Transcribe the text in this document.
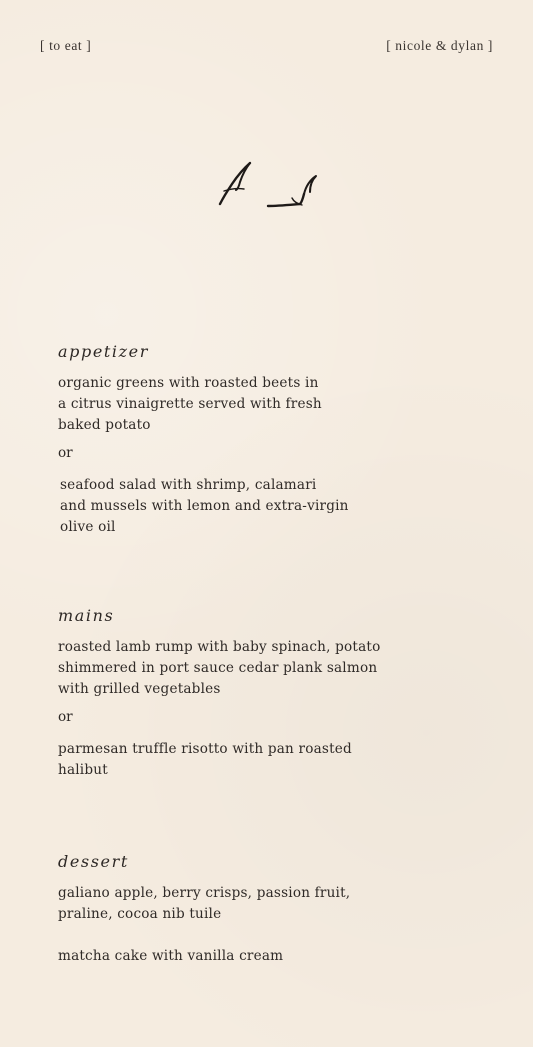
[ to eat ]	[ nicole & dylan ]

appetizer

organic greens with roasted beets in
a citrus vinaigrette served with fresh
baked potato

or

seafood salad with shrimp, calamari
and mussels with lemon and extra-virgin
olive oil

mains

roasted lamb rump with baby spinach, potato
shimmered in port sauce cedar plank salmon
with grilled vegetables

or

parmesan truffle risotto with pan roasted
halibut

dessert

galiano apple, berry crisps, passion fruit,
praline, cocoa nib tuile

matcha cake with vanilla cream
